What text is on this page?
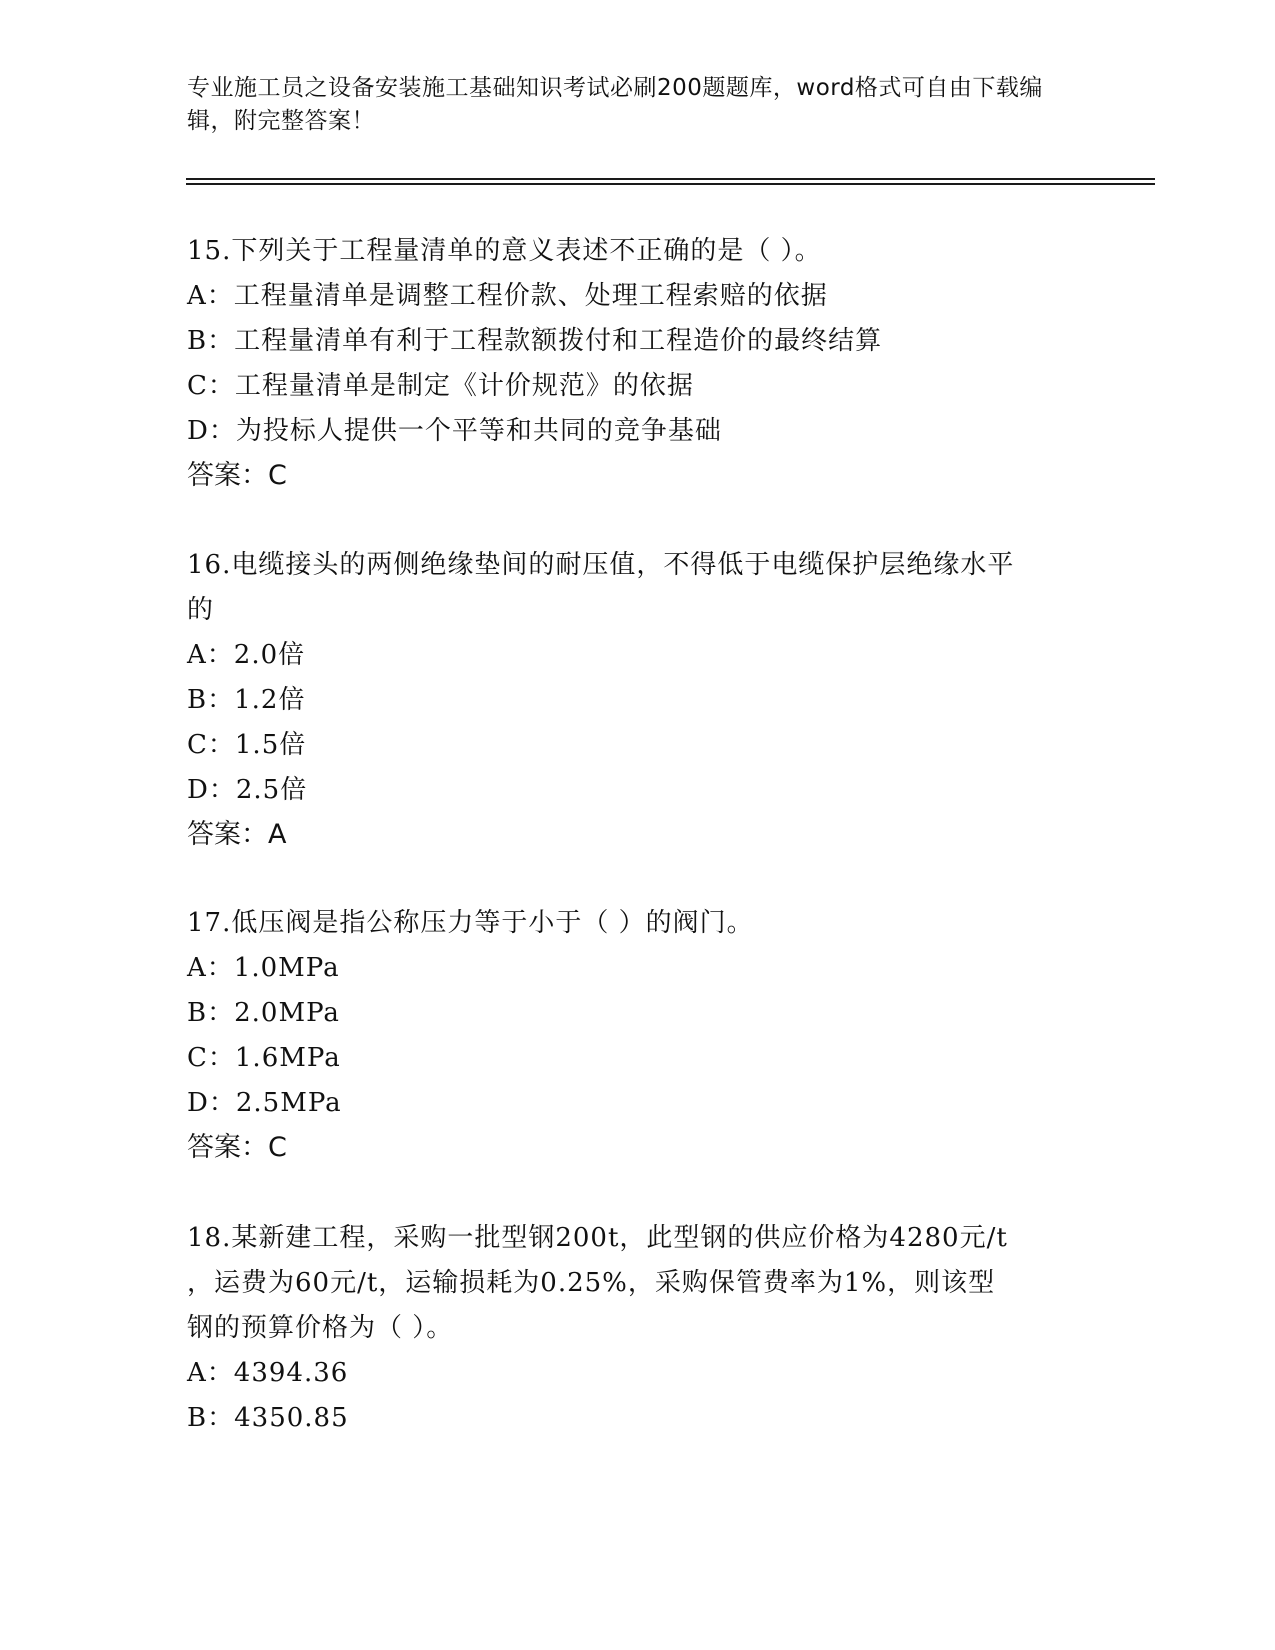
专业施工员之设备安装施工基础知识考试必刷200题题库，word格式可自由下载编辑，附完整答案！
15.下列关于工程量清单的意义表述不正确的是（ ）。
A：工程量清单是调整工程价款、处理工程索赔的依据
B：工程量清单有利于工程款额拨付和工程造价的最终结算
C：工程量清单是制定《计价规范》的依据
D：为投标人提供一个平等和共同的竞争基础
答案：C
16.电缆接头的两侧绝缘垫间的耐压值，不得低于电缆保护层绝缘水平
的
A：2.0倍
B：1.2倍
C：1.5倍
D：2.5倍
答案：A
17.低压阀是指公称压力等于小于（ ）的阀门。
A：1.0MPa
B：2.0MPa
C：1.6MPa
D：2.5MPa
答案：C
18.某新建工程，采购一批型钢200t，此型钢的供应价格为4280元/t
，运费为60元/t，运输损耗为0.25%，采购保管费率为1%，则该型
钢的预算价格为（ ）。
A：4394.36
B：4350.85
